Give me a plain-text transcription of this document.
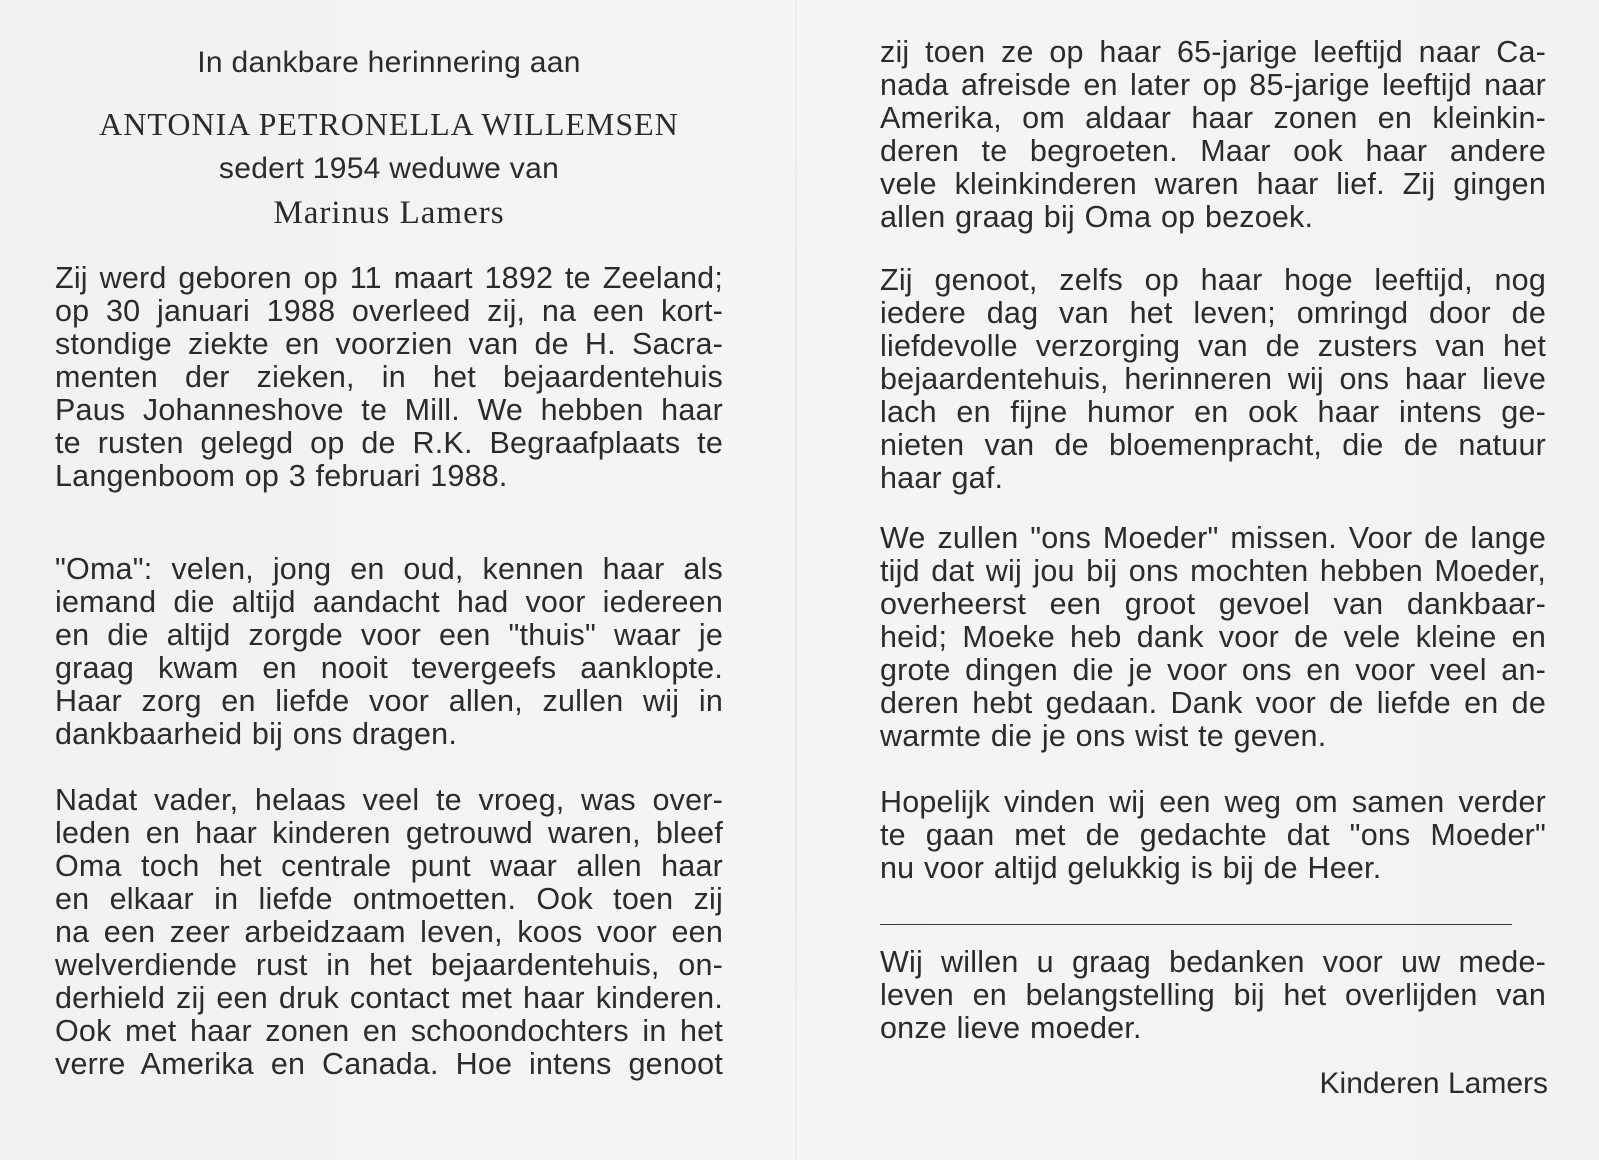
In dankbare herinnering aan
ANTONIA PETRONELLA WILLEMSEN
sedert 1954 weduwe van
Marinus Lamers
Zij werd geboren op 11 maart 1892 te Zeeland;
op 30 januari 1988 overleed zij, na een kort-
stondige ziekte en voorzien van de H. Sacra-
menten der zieken, in het bejaardentehuis
Paus Johanneshove te Mill. We hebben haar
te rusten gelegd op de R.K. Begraafplaats te
Langenboom op 3 februari 1988.
"Oma": velen, jong en oud, kennen haar als
iemand die altijd aandacht had voor iedereen
en die altijd zorgde voor een "thuis" waar je
graag kwam en nooit tevergeefs aanklopte.
Haar zorg en liefde voor allen, zullen wij in
dankbaarheid bij ons dragen.
Nadat vader, helaas veel te vroeg, was over-
leden en haar kinderen getrouwd waren, bleef
Oma toch het centrale punt waar allen haar
en elkaar in liefde ontmoetten. Ook toen zij
na een zeer arbeidzaam leven, koos voor een
welverdiende rust in het bejaardentehuis, on-
derhield zij een druk contact met haar kinderen.
Ook met haar zonen en schoondochters in het
verre Amerika en Canada. Hoe intens genoot
zij toen ze op haar 65-jarige leeftijd naar Ca-
nada afreisde en later op 85-jarige leeftijd naar
Amerika, om aldaar haar zonen en kleinkin-
deren te begroeten. Maar ook haar andere
vele kleinkinderen waren haar lief. Zij gingen
allen graag bij Oma op bezoek.
Zij genoot, zelfs op haar hoge leeftijd, nog
iedere dag van het leven; omringd door de
liefdevolle verzorging van de zusters van het
bejaardentehuis, herinneren wij ons haar lieve
lach en fijne humor en ook haar intens ge-
nieten van de bloemenpracht, die de natuur
haar gaf.
We zullen "ons Moeder" missen. Voor de lange
tijd dat wij jou bij ons mochten hebben Moeder,
overheerst een groot gevoel van dankbaar-
heid; Moeke heb dank voor de vele kleine en
grote dingen die je voor ons en voor veel an-
deren hebt gedaan. Dank voor de liefde en de
warmte die je ons wist te geven.
Hopelijk vinden wij een weg om samen verder
te gaan met de gedachte dat "ons Moeder"
nu voor altijd gelukkig is bij de Heer.
Wij willen u graag bedanken voor uw mede-
leven en belangstelling bij het overlijden van
onze lieve moeder.
Kinderen Lamers
